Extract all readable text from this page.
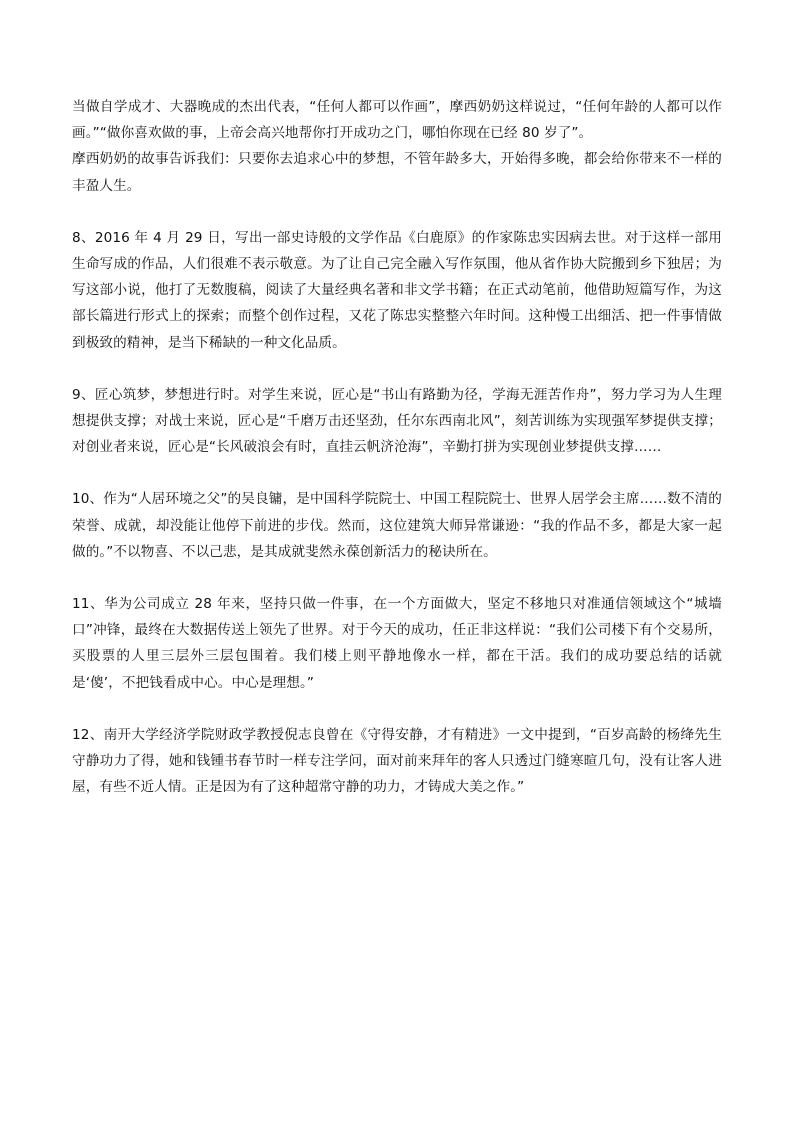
当做自学成才、大器晚成的杰出代表，“任何人都可以作画”，摩西奶奶这样说过，“任何年龄的人都可以作画。”“做你喜欢做的事，上帝会高兴地帮你打开成功之门，哪怕你现在已经 80 岁了”。

摩西奶奶的故事告诉我们：只要你去追求心中的梦想，不管年龄多大，开始得多晚，都会给你带来不一样的丰盈人生。

8、2016 年 4 月 29 日，写出一部史诗般的文学作品《白鹿原》的作家陈忠实因病去世。对于这样一部用生命写成的作品，人们很难不表示敬意。为了让自己完全融入写作氛围，他从省作协大院搬到乡下独居；为写这部小说，他打了无数腹稿，阅读了大量经典名著和非文学书籍；在正式动笔前，他借助短篇写作，为这部长篇进行形式上的探索；而整个创作过程，又花了陈忠实整整六年时间。这种慢工出细活、把一件事情做到极致的精神，是当下稀缺的一种文化品质。

9、匠心筑梦，梦想进行时。对学生来说，匠心是“书山有路勤为径，学海无涯苦作舟”，努力学习为人生理想提供支撑；对战士来说，匠心是“千磨万击还坚劲，任尔东西南北风”，刻苦训练为实现强军梦提供支撑；对创业者来说，匠心是“长风破浪会有时，直挂云帆济沧海”，辛勤打拼为实现创业梦提供支撑……

10、作为“人居环境之父”的吴良镛，是中国科学院院士、中国工程院院士、世界人居学会主席……数不清的荣誉、成就，却没能让他停下前进的步伐。然而，这位建筑大师异常谦逊：“我的作品不多，都是大家一起做的。”不以物喜、不以己悲，是其成就斐然永葆创新活力的秘诀所在。

11、华为公司成立 28 年来，坚持只做一件事，在一个方面做大，坚定不移地只对准通信领域这个“城墙口”冲锋，最终在大数据传送上领先了世界。对于今天的成功，任正非这样说：“我们公司楼下有个交易所，买股票的人里三层外三层包围着。我们楼上则平静地像水一样，都在干活。我们的成功要总结的话就是‘傻’，不把钱看成中心。中心是理想。”

12、南开大学经济学院财政学教授倪志良曾在《守得安静，才有精进》一文中提到，“百岁高龄的杨绛先生守静功力了得，她和钱锺书春节时一样专注学问，面对前来拜年的客人只透过门缝寒暄几句，没有让客人进屋，有些不近人情。正是因为有了这种超常守静的功力，才铸成大美之作。”
